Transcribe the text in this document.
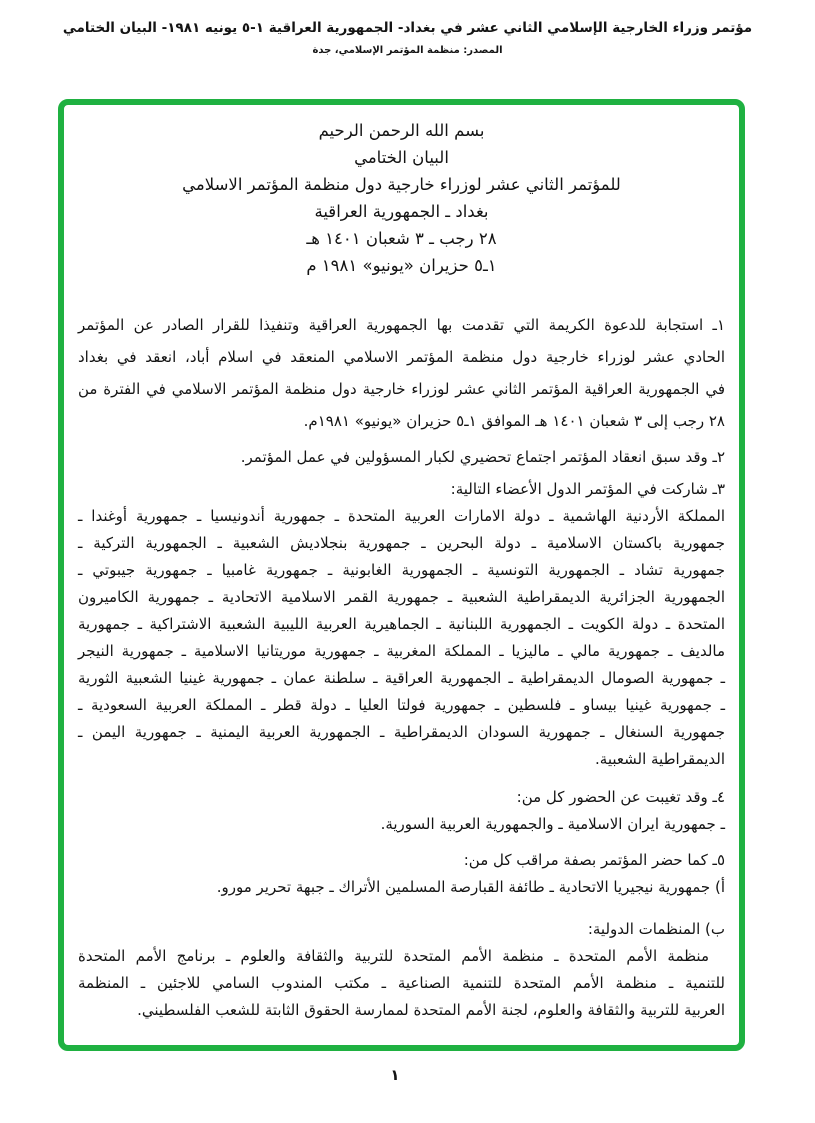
مؤتمر وزراء الخارجية الإسلامي الثاني عشر في بغداد- الجمهورية العراقية ١-٥ يونيه ١٩٨١- البيان الختامي
المصدر: منظمة المؤتمر الإسلامي، جدة
بسم الله الرحمن الرحيم
البيان الختامي
للمؤتمر الثاني عشر لوزراء خارجية دول منظمة المؤتمر الاسلامي
بغداد ـ الجمهورية العراقية
٢٨ رجب ـ ٣ شعبان ١٤٠١ هـ
١ـ٥ حزيران «يونيو» ١٩٨١ م
١ـ استجابة للدعوة الكريمة التي تقدمت بها الجمهورية العراقية وتنفيذا للقرار الصادر عن المؤتمر
الحادي عشر لوزراء خارجية دول منظمة المؤتمر الاسلامي المنعقد في اسلام أباد، انعقد في بغداد
في الجمهورية العراقية المؤتمر الثاني عشر لوزراء خارجية دول منظمة المؤتمر الاسلامي في الفترة من
٢٨ رجب إلى ٣ شعبان ١٤٠١ هـ الموافق ١ـ٥ حزيران «يونيو» ١٩٨١م.
٢ـ وقد سبق انعقاد المؤتمر اجتماع تحضيري لكبار المسؤولين في عمل المؤتمر.
٣ـ شاركت في المؤتمر الدول الأعضاء التالية:
المملكة الأردنية الهاشمية ـ دولة الامارات العربية المتحدة ـ جمهورية أندونيسيا ـ جمهورية أوغندا ـ
جمهورية باكستان الاسلامية ـ دولة البحرين ـ جمهورية بنجلاديش الشعبية ـ الجمهورية التركية ـ
جمهورية تشاد ـ الجمهورية التونسية ـ الجمهورية الغابونية ـ جمهورية غامبيا ـ جمهورية جيبوتي ـ
الجمهورية الجزائرية الديمقراطية الشعبية ـ جمهورية القمر الاسلامية الاتحادية ـ جمهورية الكاميرون
المتحدة ـ دولة الكويت ـ الجمهورية اللبنانية ـ الجماهيرية العربية الليبية الشعبية الاشتراكية ـ جمهورية
مالديف ـ جمهورية مالي ـ ماليزيا ـ المملكة المغربية ـ جمهورية موريتانيا الاسلامية ـ جمهورية النيجر
ـ جمهورية الصومال الديمقراطية ـ الجمهورية العراقية ـ سلطنة عمان ـ جمهورية غينيا الشعبية الثورية
ـ جمهورية غينيا بيساو ـ فلسطين ـ جمهورية فولتا العليا ـ دولة قطر ـ المملكة العربية السعودية ـ
جمهورية السنغال ـ جمهورية السودان الديمقراطية ـ الجمهورية العربية اليمنية ـ جمهورية اليمن ـ
الديمقراطية الشعبية.
٤ـ وقد تغيبت عن الحضور كل من:
ـ جمهورية ايران الاسلامية ـ والجمهورية العربية السورية.
٥ـ كما حضر المؤتمر بصفة مراقب كل من:
أ) جمهورية نيجيريا الاتحادية ـ طائفة القبارصة المسلمين الأتراك ـ جبهة تحرير مورو.
ب) المنظمات الدولية:
منظمة الأمم المتحدة ـ منظمة الأمم المتحدة للتربية والثقافة والعلوم ـ برنامج الأمم المتحدة
للتنمية ـ منظمة الأمم المتحدة للتنمية الصناعية ـ مكتب المندوب السامي للاجئين ـ المنظمة
العربية للتربية والثقافة والعلوم، لجنة الأمم المتحدة لممارسة الحقوق الثابتة للشعب الفلسطيني.
١
